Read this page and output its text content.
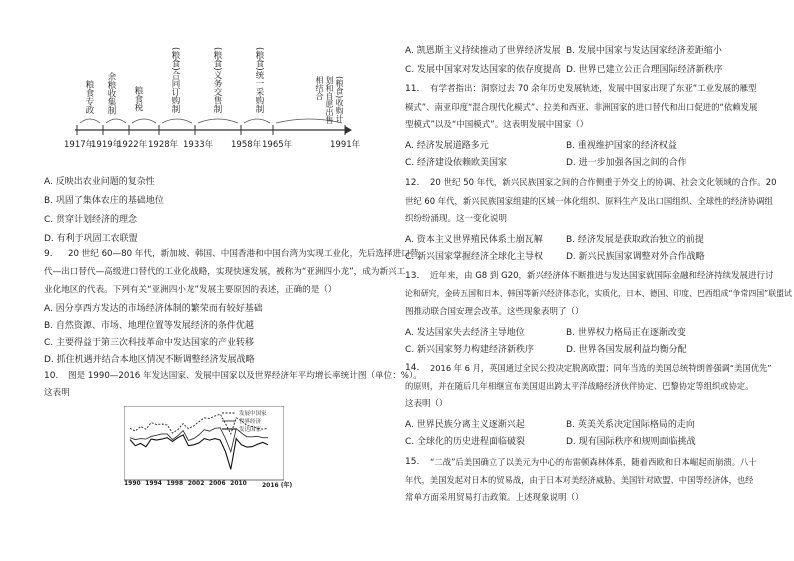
粮食专政 余粮收集制 粮食税	(粮食)合同订购制	(粮食)义务交售制	(粮食)统一采购制	(粮食)收购计划和自愿出售相结合
1917年
1919年
1922年 1928年 1933年 1958年 1965年	1991年
A. 反映出农业问题的复杂性
B. 巩固了集体农庄的基础地位
C. 贯穿计划经济的理念
D. 有利于巩固工农联盟
9. 20 世纪 60—80 年代，新加坡、韩国、中国香港和中国台湾为实现工业化，先后选择进口替
代—出口替代—高级进口替代的工业化战略，实现快速发展，被称为“亚洲四小龙”，成为新兴工
业化地区的代表。下列有关“亚洲四小龙”发展主要原因的表述，正确的是（）
A. 因分享西方发达的市场经济体制的繁荣而有较好基础
B. 自然资源、市场、地理位置等发展经济的条件优越
C. 主要得益于第三次科技革命中发达国家的产业转移
D. 抓住机遇并结合本地区情况不断调整经济发展战略
10. 图是 1990—2016 年发达国家、发展中国家以及世界经济年平均增长率统计图（单位：%）。
这表明
发展中国家
世界经济
发达国家
1990 1994 1998 2002 2006 2010	2016 (年)
A. 凯恩斯主义持续推动了世界经济发展 B. 发展中国家与发达国家经济差距缩小
C. 发展中国家对发达国家的依存度提高 D. 世界已建立公正合理国际经济新秩序
11. 有学者指出：洞察过去 70 余年历史发展轨迹，发展中国家出现了东亚“工业发展的雁型
模式”、南亚印度“混合现代化模式”、拉美和西亚、非洲国家的进口替代和出口促进的“依赖发展
型模式”以及“中国模式”。这表明发展中国家（）
A. 经济发展道路多元	B. 重视维护国家的经济权益
C. 经济建设依赖欧美国家	D. 进一步加强各国之间的合作
12. 20 世纪 50 年代，新兴民族国家之间的合作侧重于外交上的协调、社会文化领域的合作。20
世纪 60 年代，新兴民族国家组建的区域一体化组织、原料生产及出口国组织、全球性的经济协调组
织纷纷涌现。这一变化说明
A. 资本主义世界殖民体系土崩瓦解	B. 经济发展是获取政治独立的前提
C. 新兴国家掌握经济全球化主导权	D. 新兴民族国家调整对外合作战略
13. 近年来，由 G8 到 G20，新兴经济体不断推进与发达国家就国际金融和经济持续发展进行讨
论和研究，金砖五国和日本、韩国等新兴经济体态化，实质化，日本、德国、印度、巴西组成“争常四国”联盟试
图推动联合国安理会改革。这些现象表明了（）
A. 发达国家失去经济主导地位	B. 世界权力格局正在逐渐改变
C. 新兴国家努力构建经济新秩序	D. 世界各国发展利益均衡分配
14. 2016 年 6 月，英国通过全民公投决定脱离欧盟；同年当选的美国总统特朗普强调“美国优先”
的原则，并在随后几年相继宣布美国退出跨太平洋战略经济伙伴协定、巴黎协定等组织或协定。
这表明（）
A. 世界民族分离主义逐渐兴起	B. 英美关系决定国际格局的走向
C. 全球化的历史进程面临破裂	D. 现有国际秩序和规则面临挑战
15. “二战”后美国确立了以美元为中心的布雷顿森林体系，随着西欧和日本崛起而崩溃。八十
年代，美国发起对日本的贸易战，由于日本对美经济威胁。美国针对欧盟、中国等经济体，也经
常单方面采用贸易打击政策。上述现象说明（）
